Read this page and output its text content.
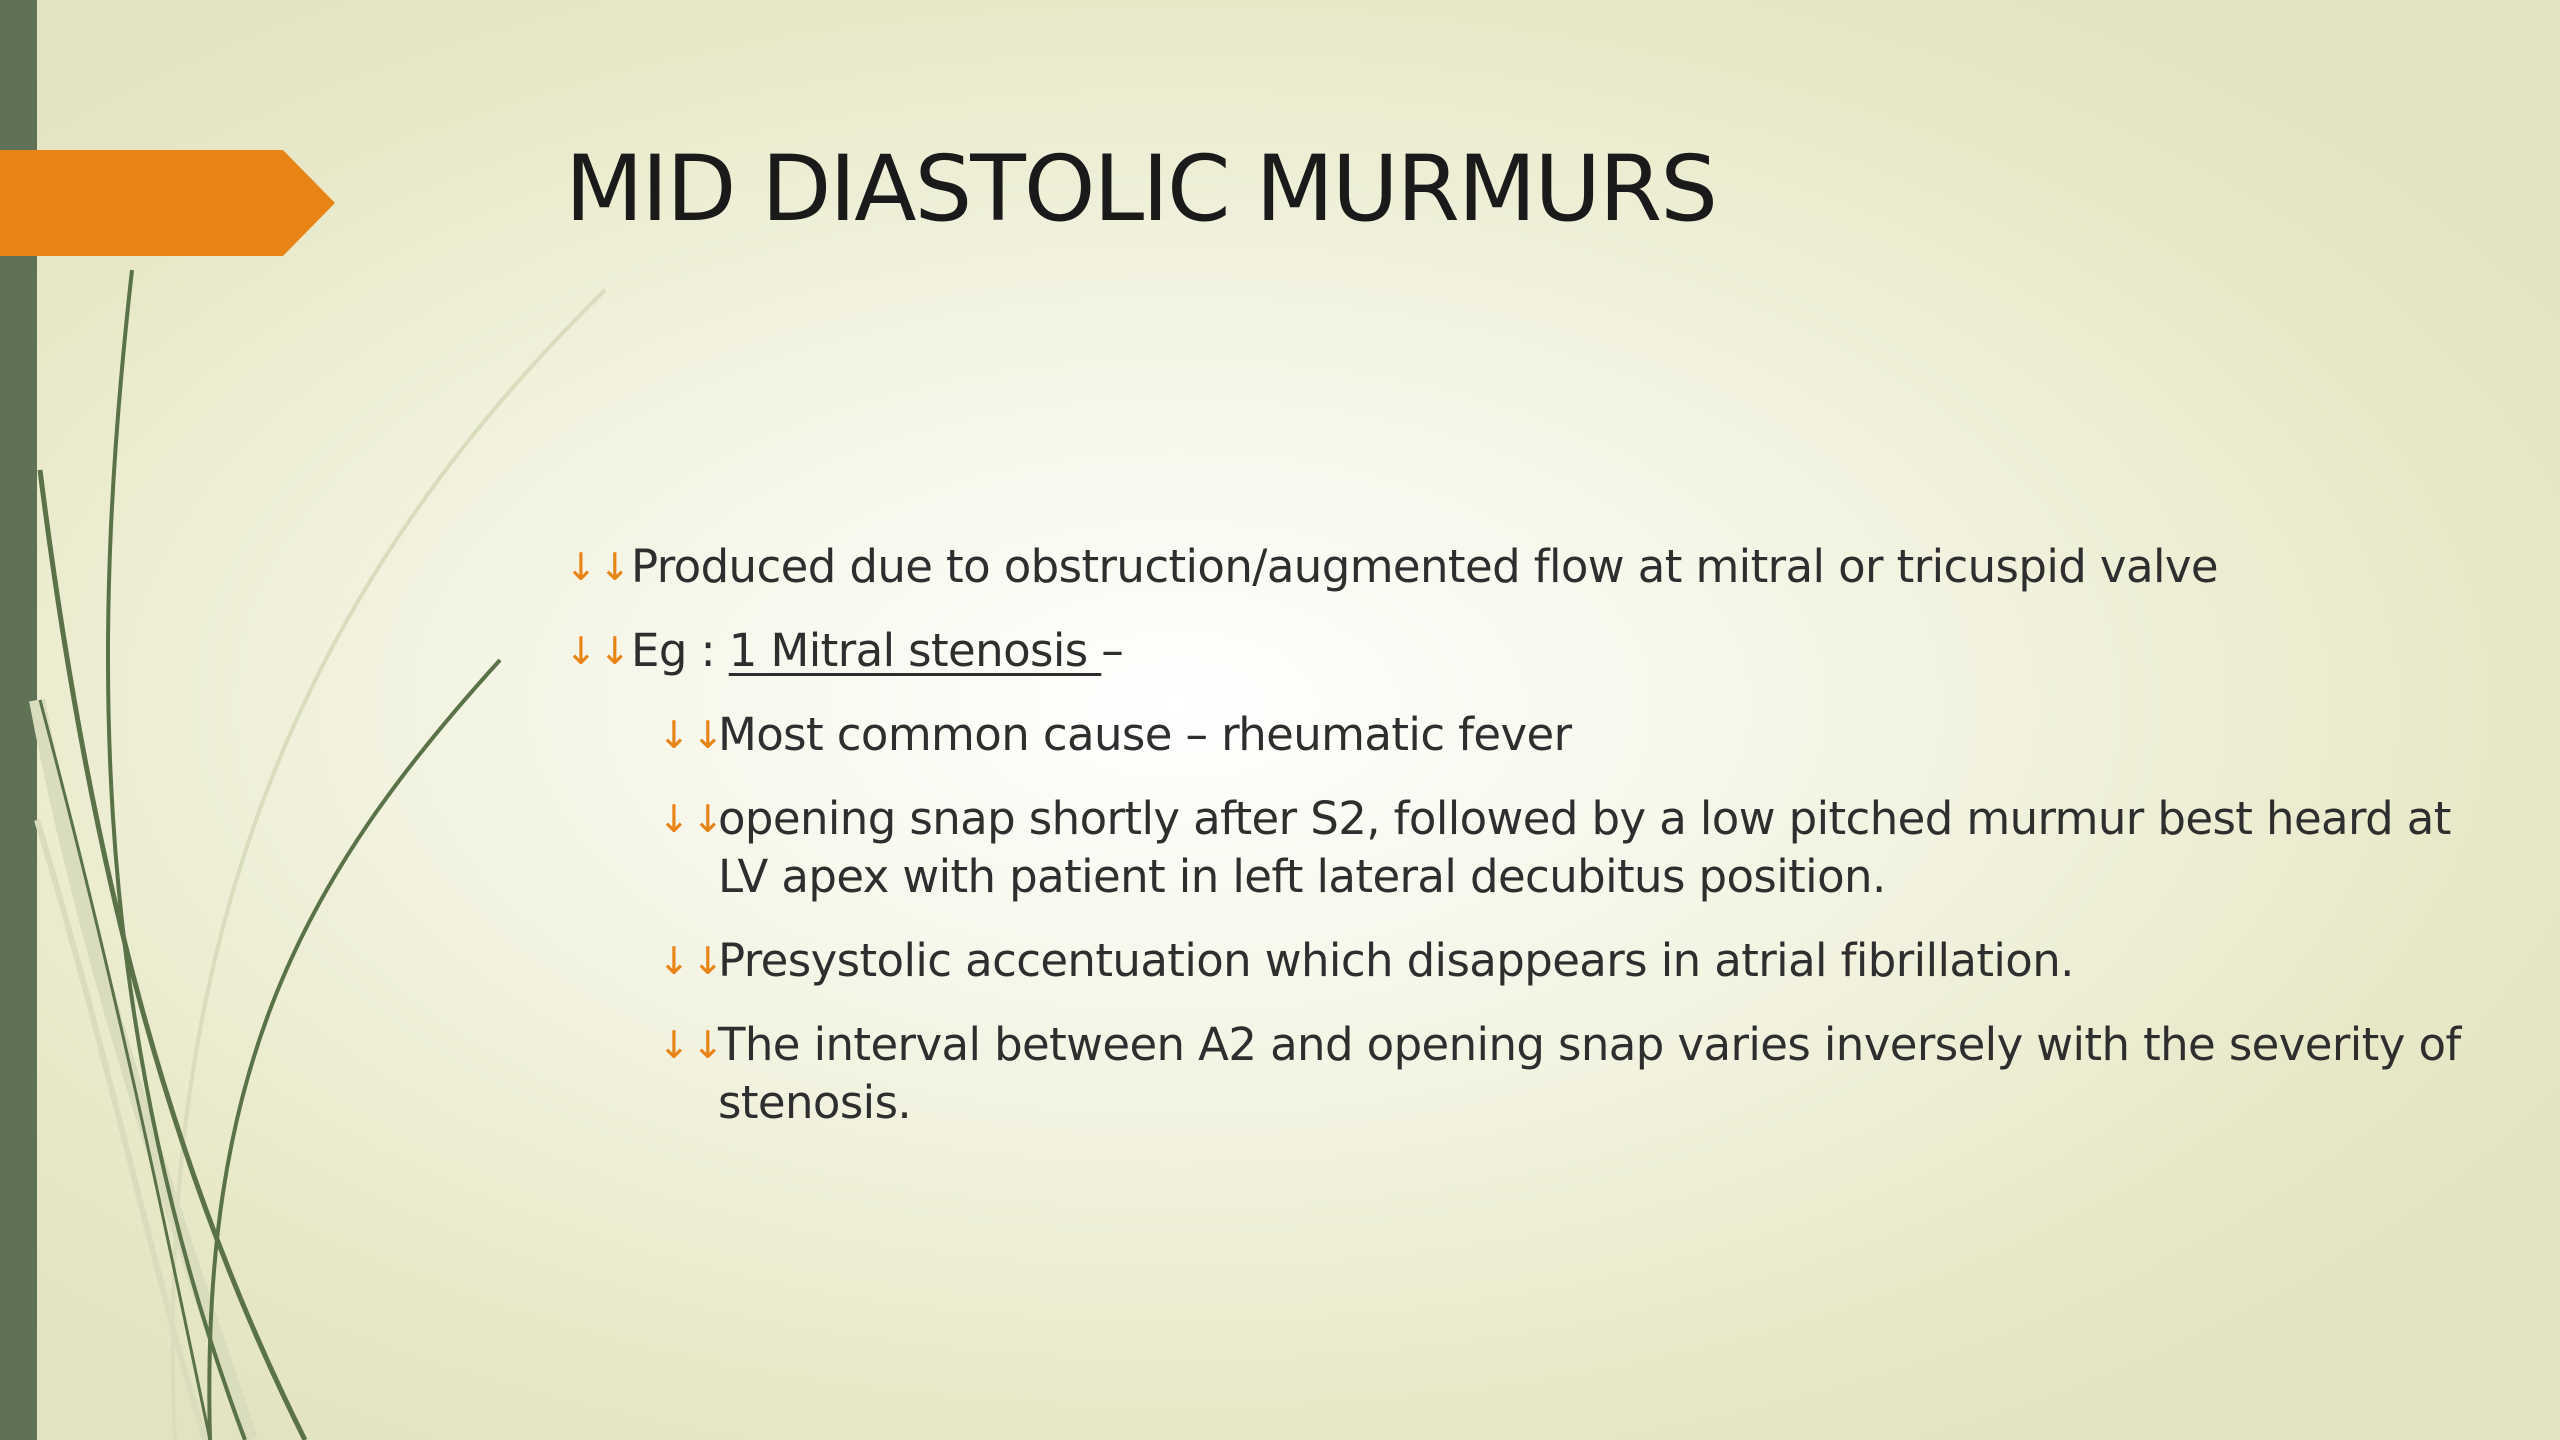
MID DIASTOLIC MURMURS
↓↓
Produced due to obstruction/augmented flow at mitral or tricuspid valve
↓↓
Eg : 1 Mitral stenosis –
↓↓
Most common cause – rheumatic fever
↓↓
opening snap shortly after S2, followed by a low pitched murmur best heard at LV apex with patient in left lateral decubitus position.
↓↓
Presystolic accentuation which disappears in atrial fibrillation.
↓↓
The interval between A2 and opening snap varies inversely with the severity of stenosis.
